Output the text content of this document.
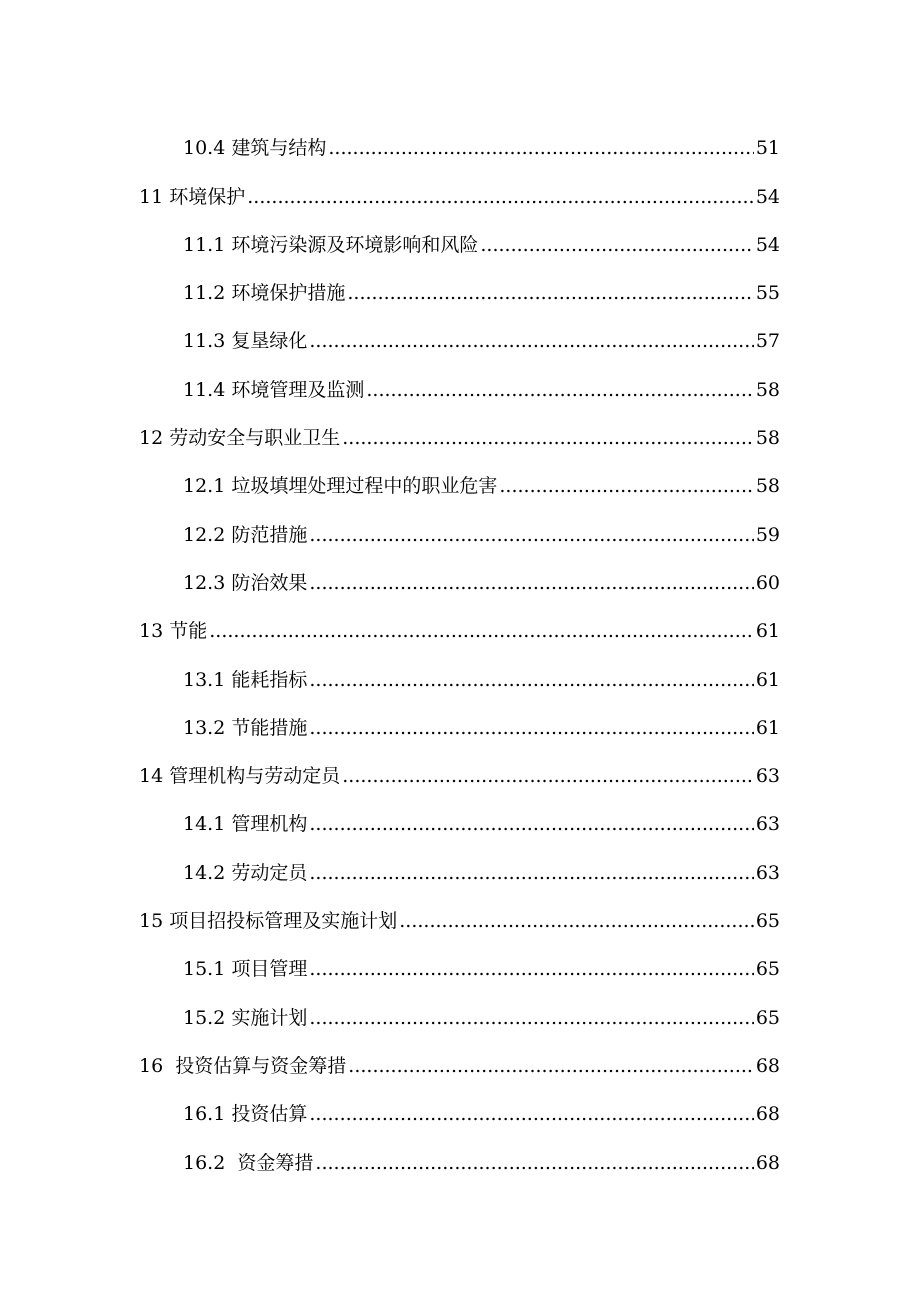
10.4 建筑与结构 .....	51
11 环境保护 .....	54
11.1 环境污染源及环境影响和风险 .....	54
11.2 环境保护措施 .....	55
11.3 复垦绿化 .....	57
11.4 环境管理及监测 .....	58
12 劳动安全与职业卫生 .....	58
12.1 垃圾填埋处理过程中的职业危害 .....	58
12.2 防范措施 .....	59
12.3 防治效果 .....	60
13 节能 .....	61
13.1 能耗指标 .....	61
13.2 节能措施 .....	61
14 管理机构与劳动定员 .....	63
14.1 管理机构 .....	63
14.2 劳动定员 .....	63
15 项目招投标管理及实施计划 .....	65
15.1 项目管理 .....	65
15.2 实施计划 .....	65
16  投资估算与资金筹措 .....	68
16.1 投资估算 .....	68
16.2  资金筹措 .....	68
